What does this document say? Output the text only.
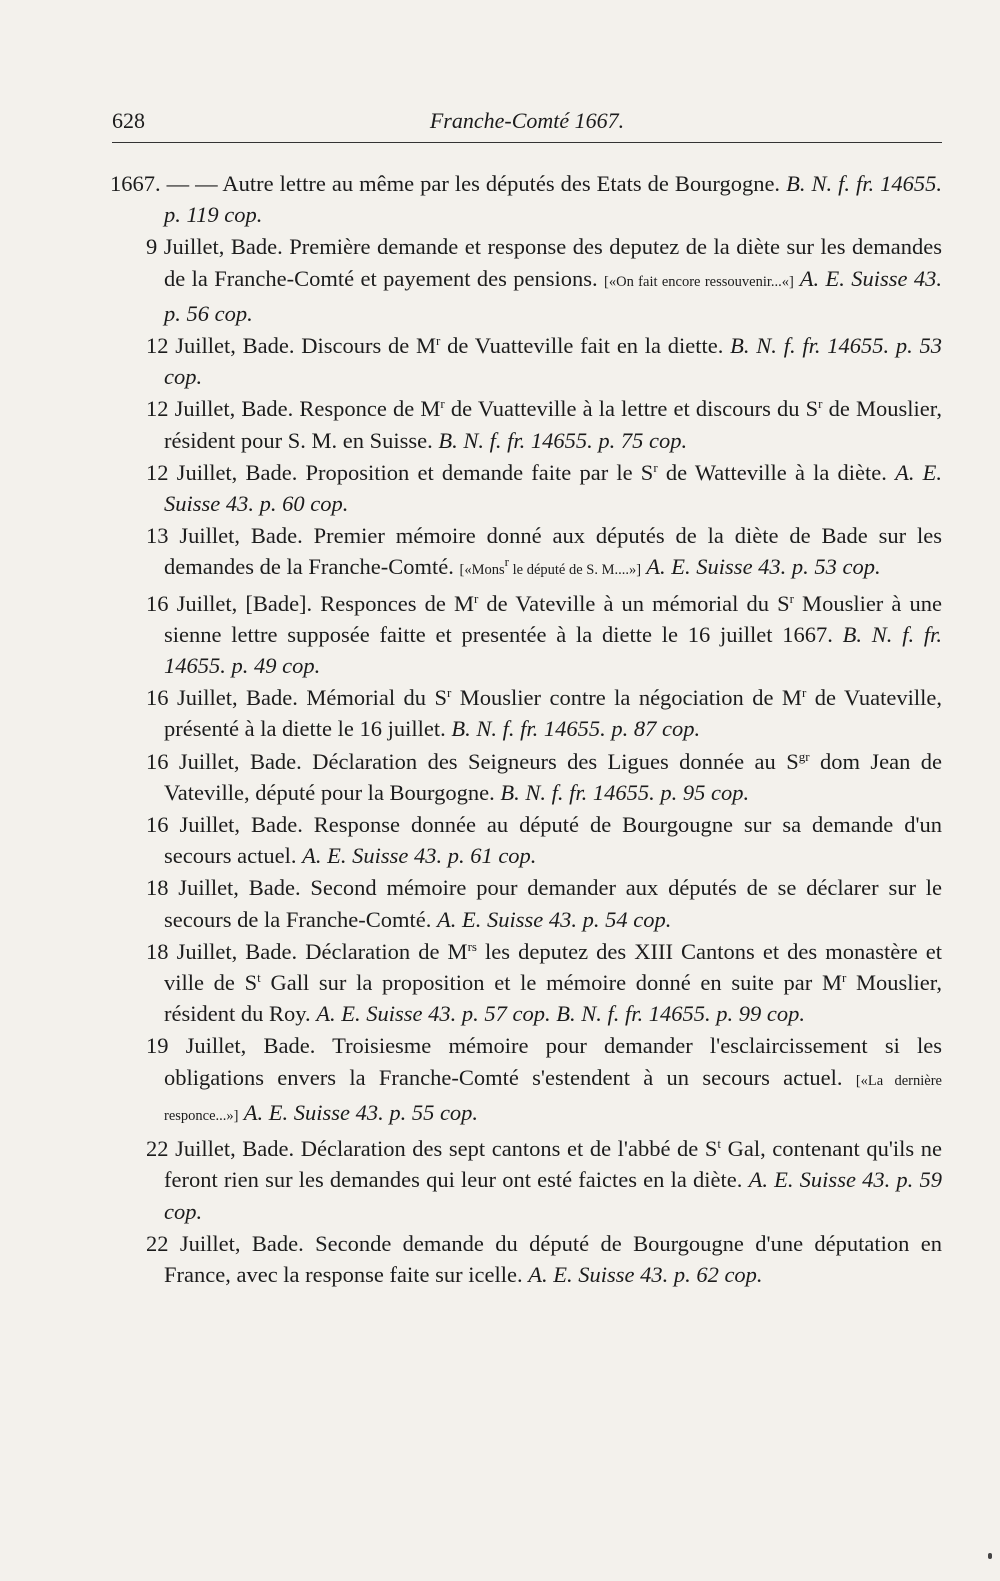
628	Franche-Comté 1667.

1667. — — Autre lettre au même par les députés des Etats de Bourgogne. B. N. f. fr. 14655. p. 119 cop.

9 Juillet, Bade. Première demande et response des deputez de la diète sur les demandes de la Franche-Comté et payement des pensions. [«On fait encore ressouvenir...«] A. E. Suisse 43. p. 56 cop.

12 Juillet, Bade. Discours de $M^r$ de Vuatteville fait en la diette. B. N. f. fr. 14655. p. 53 cop.

12 Juillet, Bade. Responce de $M^r$ de Vuatteville à la lettre et discours du $S^r$ de Mouslier, résident pour S. M. en Suisse. B. N. f. fr. 14655. p. 75 cop.

12 Juillet, Bade. Proposition et demande faite par le $S^r$ de Watteville à la diète. A. E. Suisse 43. p. 60 cop.

13 Juillet, Bade. Premier mémoire donné aux députés de la diète de Bade sur les demandes de la Franche-Comté. [«Mons$^r$ le député de S. M....»] A. E. Suisse 43. p. 53 cop.

16 Juillet, [Bade]. Responces de $M^r$ de Vateville à un mémorial du $S^r$ Mouslier à une sienne lettre supposée faitte et presentée à la diette le 16 juillet 1667. B. N. f. fr. 14655. p. 49 cop.

16 Juillet, Bade. Mémorial du $S^r$ Mouslier contre la négociation de $M^r$ de Vuateville, présenté à la diette le 16 juillet. B. N. f. fr. 14655. p. 87 cop.

16 Juillet, Bade. Déclaration des Seigneurs des Ligues donnée au $S^{gr}$ dom Jean de Vateville, député pour la Bourgogne. B. N. f. fr. 14655. p. 95 cop.

16 Juillet, Bade. Response donnée au député de Bourgougne sur sa demande d'un secours actuel. A. E. Suisse 43. p. 61 cop.

18 Juillet, Bade. Second mémoire pour demander aux députés de se déclarer sur le secours de la Franche-Comté. A. E. Suisse 43. p. 54 cop.

18 Juillet, Bade. Déclaration de $M^{rs}$ les deputez des XIII Cantons et des monastère et ville de $S^t$ Gall sur la proposition et le mémoire donné en suite par $M^r$ Mouslier, résident du Roy. A. E. Suisse 43. p. 57 cop. B. N. f. fr. 14655. p. 99 cop.

19 Juillet, Bade. Troisiesme mémoire pour demander l'esclaircissement si les obligations envers la Franche-Comté s'estendent à un secours actuel. [«La dernière responce...»] A. E. Suisse 43. p. 55 cop.

22 Juillet, Bade. Déclaration des sept cantons et de l'abbé de $S^t$ Gal, contenant qu'ils ne feront rien sur les demandes qui leur ont esté faictes en la diète. A. E. Suisse 43. p. 59 cop.

22 Juillet, Bade. Seconde demande du député de Bourgougne d'une députation en France, avec la response faite sur icelle. A. E. Suisse 43. p. 62 cop.
